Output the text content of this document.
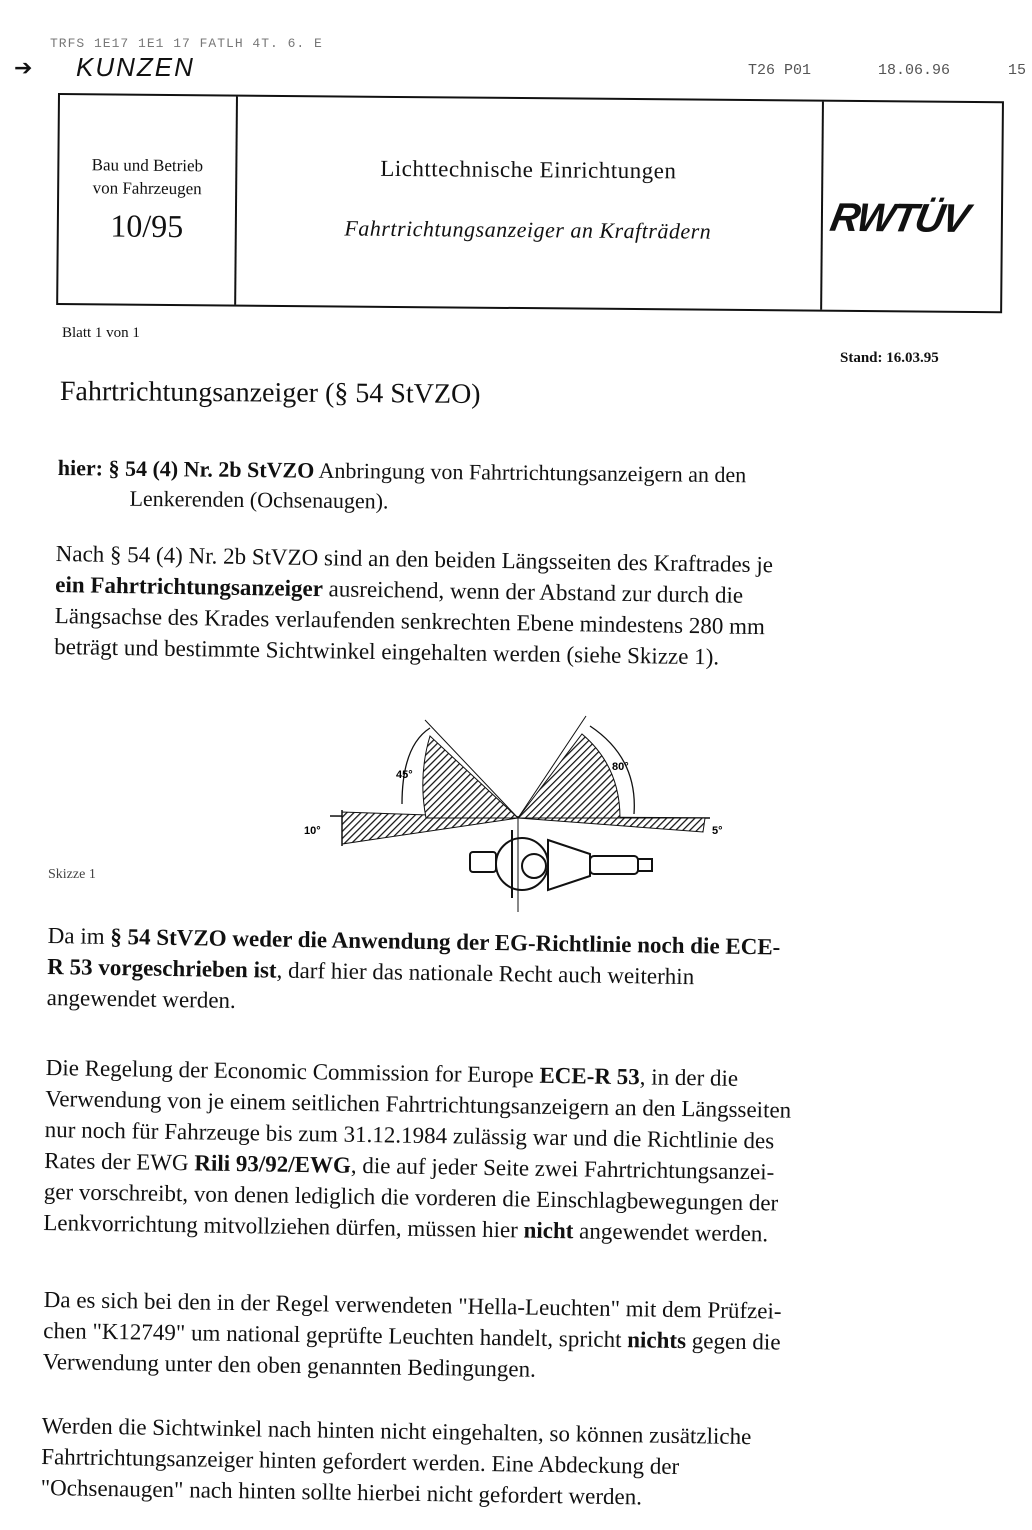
TRFS 1E17 1E1 17 FATLH 4T. 6. E
➔ KUNZEN	T26 P01	18.06.96	15
Bau und Betrieb
von Fahrzeugen
10/95
Lichttechnische Einrichtungen
Fahrtrichtungsanzeiger an Krafträdern	RWTÜV
Blatt 1 von 1
Stand: 16.03.95
Fahrtrichtungsanzeiger (§ 54 StVZO)
hier: § 54 (4) Nr. 2b StVZO Anbringung von Fahrtrichtungsanzeigern an den
Lenkerenden (Ochsenaugen).
Nach § 54 (4) Nr. 2b StVZO sind an den beiden Längsseiten des Kraftrades je
ein Fahrtrichtungsanzeiger ausreichend, wenn der Abstand zur durch die
Längsachse des Krades verlaufenden senkrechten Ebene mindestens 280 mm
beträgt und bestimmte Sichtwinkel eingehalten werden (siehe Skizze 1).
Skizze 1
45°
80°
10°	5°
Da im § 54 StVZO weder die Anwendung der EG-Richtlinie noch die ECE-
R 53 vorgeschrieben ist, darf hier das nationale Recht auch weiterhin
angewendet werden.
Die Regelung der Economic Commission for Europe ECE-R 53, in der die
Verwendung von je einem seitlichen Fahrtrichtungsanzeigern an den Längsseiten
nur noch für Fahrzeuge bis zum 31.12.1984 zulässig war und die Richtlinie des
Rates der EWG Rili 93/92/EWG, die auf jeder Seite zwei Fahrtrichtungsanzei-
ger vorschreibt, von denen lediglich die vorderen die Einschlagbewegungen der
Lenkvorrichtung mitvollziehen dürfen, müssen hier nicht angewendet werden.
Da es sich bei den in der Regel verwendeten "Hella-Leuchten" mit dem Prüfzei-
chen "K12749" um national geprüfte Leuchten handelt, spricht nichts gegen die
Verwendung unter den oben genannten Bedingungen.
Werden die Sichtwinkel nach hinten nicht eingehalten, so können zusätzliche
Fahrtrichtungsanzeiger hinten gefordert werden. Eine Abdeckung der
"Ochsenaugen" nach hinten sollte hierbei nicht gefordert werden.
